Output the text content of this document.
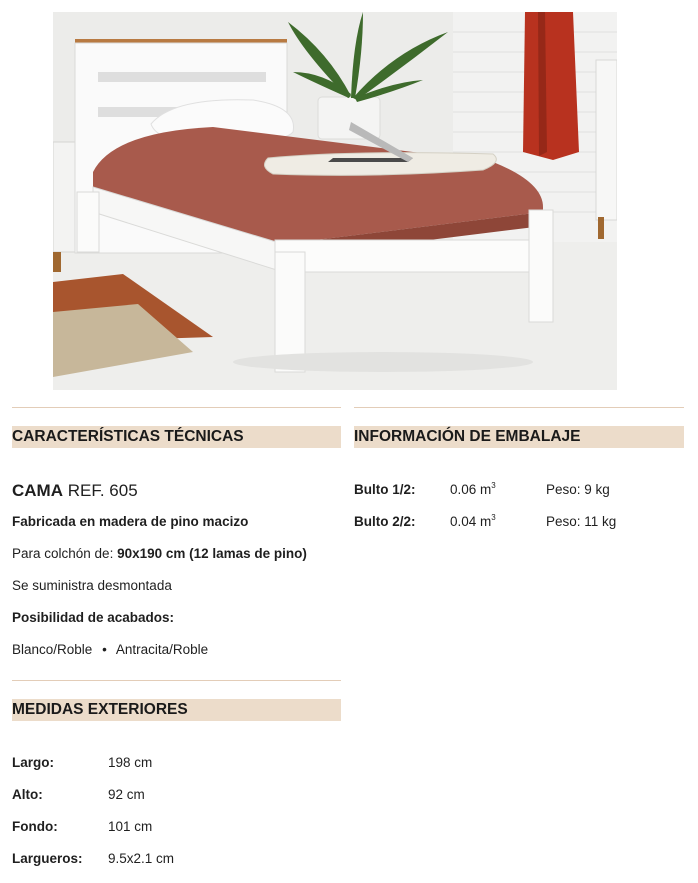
CARACTERÍSTICAS TÉCNICAS
CAMA REF. 605
Fabricada en madera de pino macizo
Para colchón de: 90x190 cm (12 lamas de pino)
Se suministra desmontada
Posibilidad de acabados:
Blanco/Roble • Antracita/Roble
MEDIDAS EXTERIORES
Largo:	198 cm
Alto:	92 cm
Fondo:	101 cm
Largueros: 9.5x2.1 cm
INFORMACIÓN DE EMBALAJE
Bulto 1/2:	0.06 $m^3$	Peso: 9 kg
Bulto 2/2:	0.04 $m^3$	Peso: 11 kg
